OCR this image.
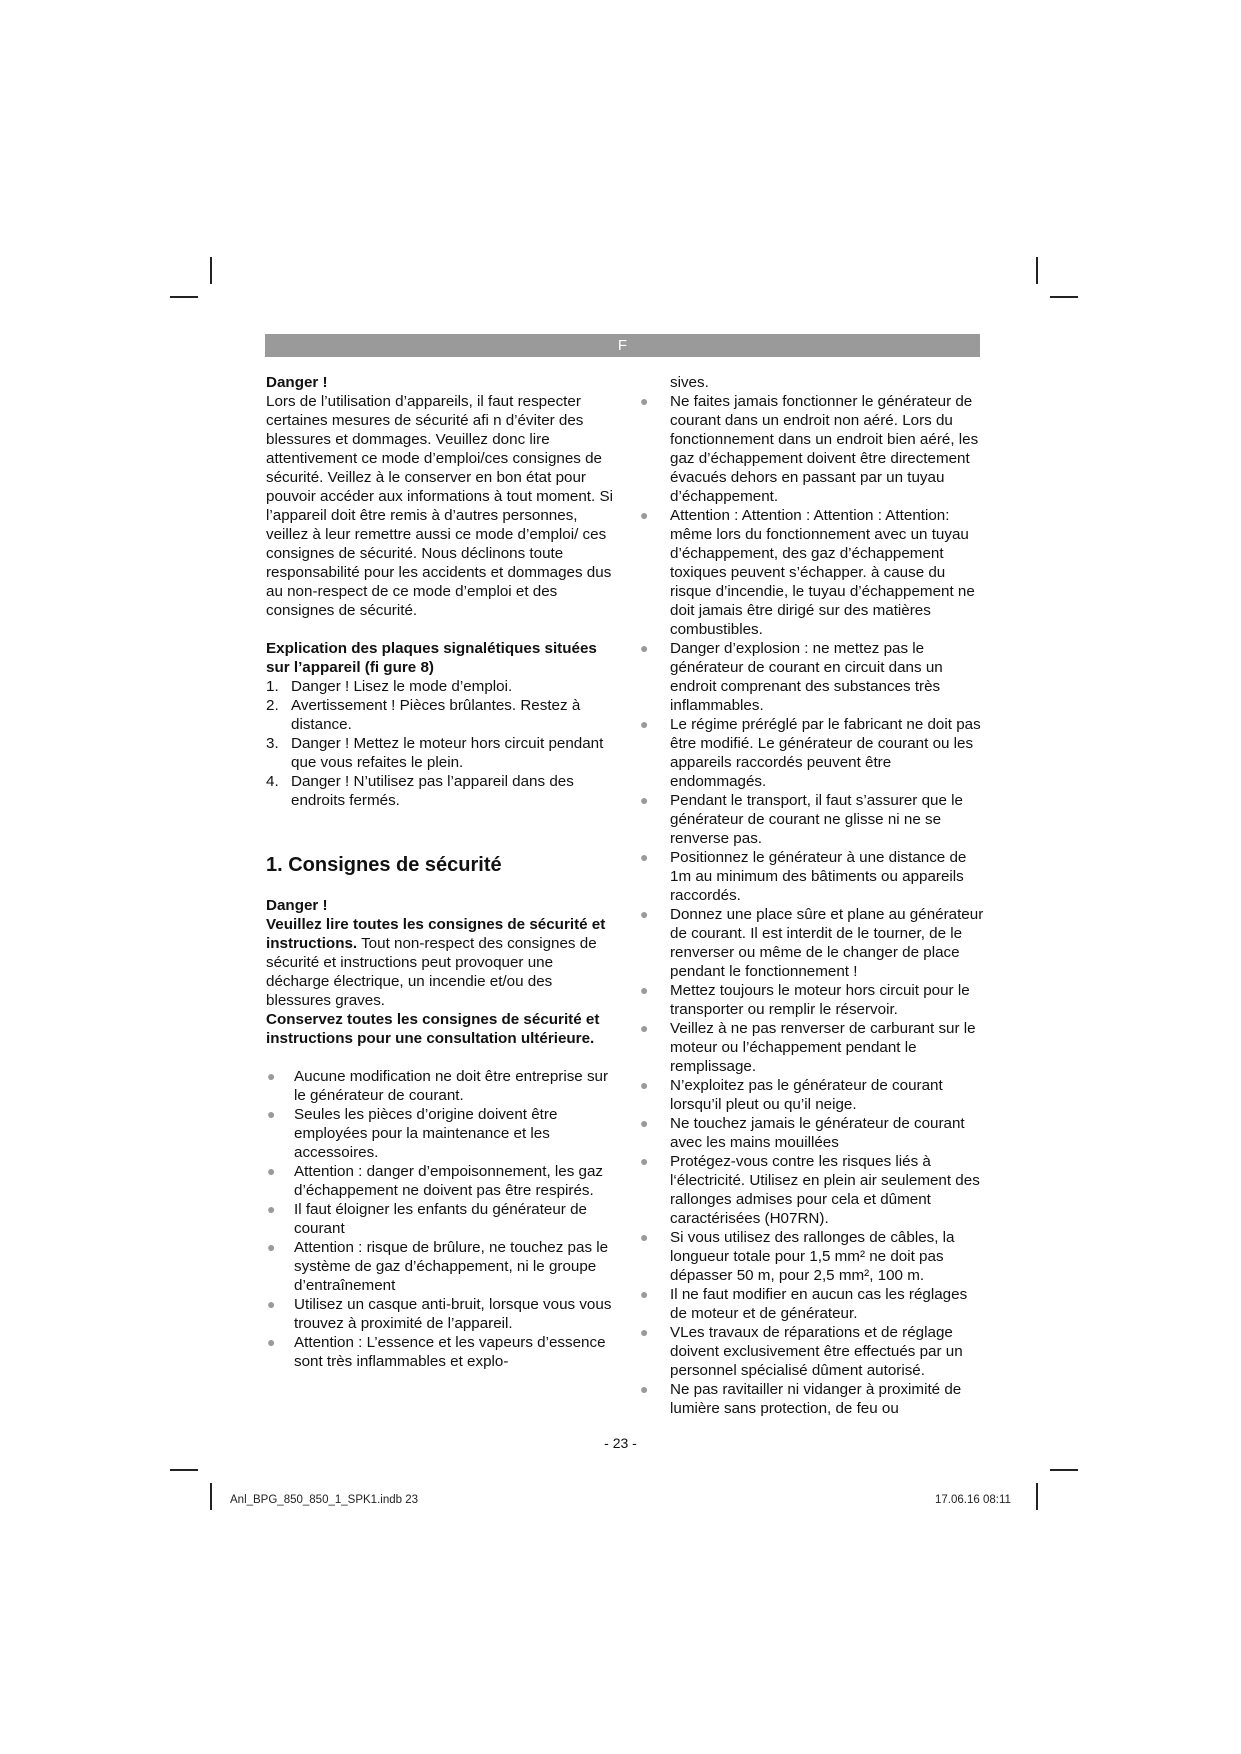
F

Danger !

Lors de l’utilisation d’appareils, il faut respecter certaines mesures de sécurité afi n d’éviter des blessures et dommages. Veuillez donc lire attentivement ce mode d’emploi/ces consignes de sécurité. Veillez à le conserver en bon état pour pouvoir accéder aux informations à tout moment. Si l’appareil doit être remis à d’autres personnes, veillez à leur remettre aussi ce mode d’emploi/ ces consignes de sécurité. Nous déclinons toute responsabilité pour les accidents et dommages dus au non-respect de ce mode d’emploi et des consignes de sécurité.

Explication des plaques signalétiques situées sur l’appareil (fi gure 8)

1. Danger ! Lisez le mode d’emploi.
2. Avertissement ! Pièces brûlantes. Restez à distance.
3. Danger ! Mettez le moteur hors circuit pendant que vous refaites le plein.
4. Danger ! N’utilisez pas l’appareil dans des endroits fermés.

1. Consignes de sécurité

Danger !

Veuillez lire toutes les consignes de sécurité et instructions. Tout non-respect des consignes de sécurité et instructions peut provoquer une décharge électrique, un incendie et/ou des blessures graves.

Conservez toutes les consignes de sécurité et instructions pour une consultation ultérieure.

● Aucune modification ne doit être entreprise sur le générateur de courant.
● Seules les pièces d’origine doivent être employées pour la maintenance et les accessoires.
● Attention : danger d’empoisonnement, les gaz d’échappement ne doivent pas être respirés.
● Il faut éloigner les enfants du générateur de courant
● Attention : risque de brûlure, ne touchez pas le système de gaz d’échappement, ni le groupe d’entraînement
● Utilisez un casque anti-bruit, lorsque vous vous trouvez à proximité de l’appareil.
● Attention : L’essence et les vapeurs d’essence sont très inflammables et explo-

sives.

● Ne faites jamais fonctionner le générateur de courant dans un endroit non aéré. Lors du fonctionnement dans un endroit bien aéré, les gaz d’échappement doivent être directement évacués dehors en passant par un tuyau d’échappement.
● Attention : Attention : Attention : Attention: même lors du fonctionnement avec un tuyau d’échappement, des gaz d’échappement toxiques peuvent s’échapper. à cause du risque d’incendie, le tuyau d’échappement ne doit jamais être dirigé sur des matières combustibles.
● Danger d’explosion : ne mettez pas le générateur de courant en circuit dans un endroit comprenant des substances très inflammables.
● Le régime préréglé par le fabricant ne doit pas être modifié. Le générateur de courant ou les appareils raccordés peuvent être endommagés.
● Pendant le transport, il faut s’assurer que le générateur de courant ne glisse ni ne se renverse pas.
● Positionnez le générateur à une distance de 1m au minimum des bâtiments ou appareils raccordés.
● Donnez une place sûre et plane au générateur de courant. Il est interdit de le tourner, de le renverser ou même de le changer de place pendant le fonctionnement !
● Mettez toujours le moteur hors circuit pour le transporter ou remplir le réservoir.
● Veillez à ne pas renverser de carburant sur le moteur ou l’échappement pendant le remplissage.
● N’exploitez pas le générateur de courant lorsqu’il pleut ou qu’il neige.
● Ne touchez jamais le générateur de courant avec les mains mouillées
● Protégez-vous contre les risques liés à l‘électricité. Utilisez en plein air seulement des rallonges admises pour cela et dûment caractérisées (H07RN).
● Si vous utilisez des rallonges de câbles, la longueur totale pour 1,5 mm² ne doit pas dépasser 50 m, pour 2,5 mm², 100 m.
● Il ne faut modifier en aucun cas les réglages de moteur et de générateur.
● VLes travaux de réparations et de réglage doivent exclusivement être effectués par un personnel spécialisé dûment autorisé.
● Ne pas ravitailler ni vidanger à proximité de lumière sans protection, de feu ou
- 23 -
Anl_BPG_850_850_1_SPK1.indb 23	17.06.16 08:11
